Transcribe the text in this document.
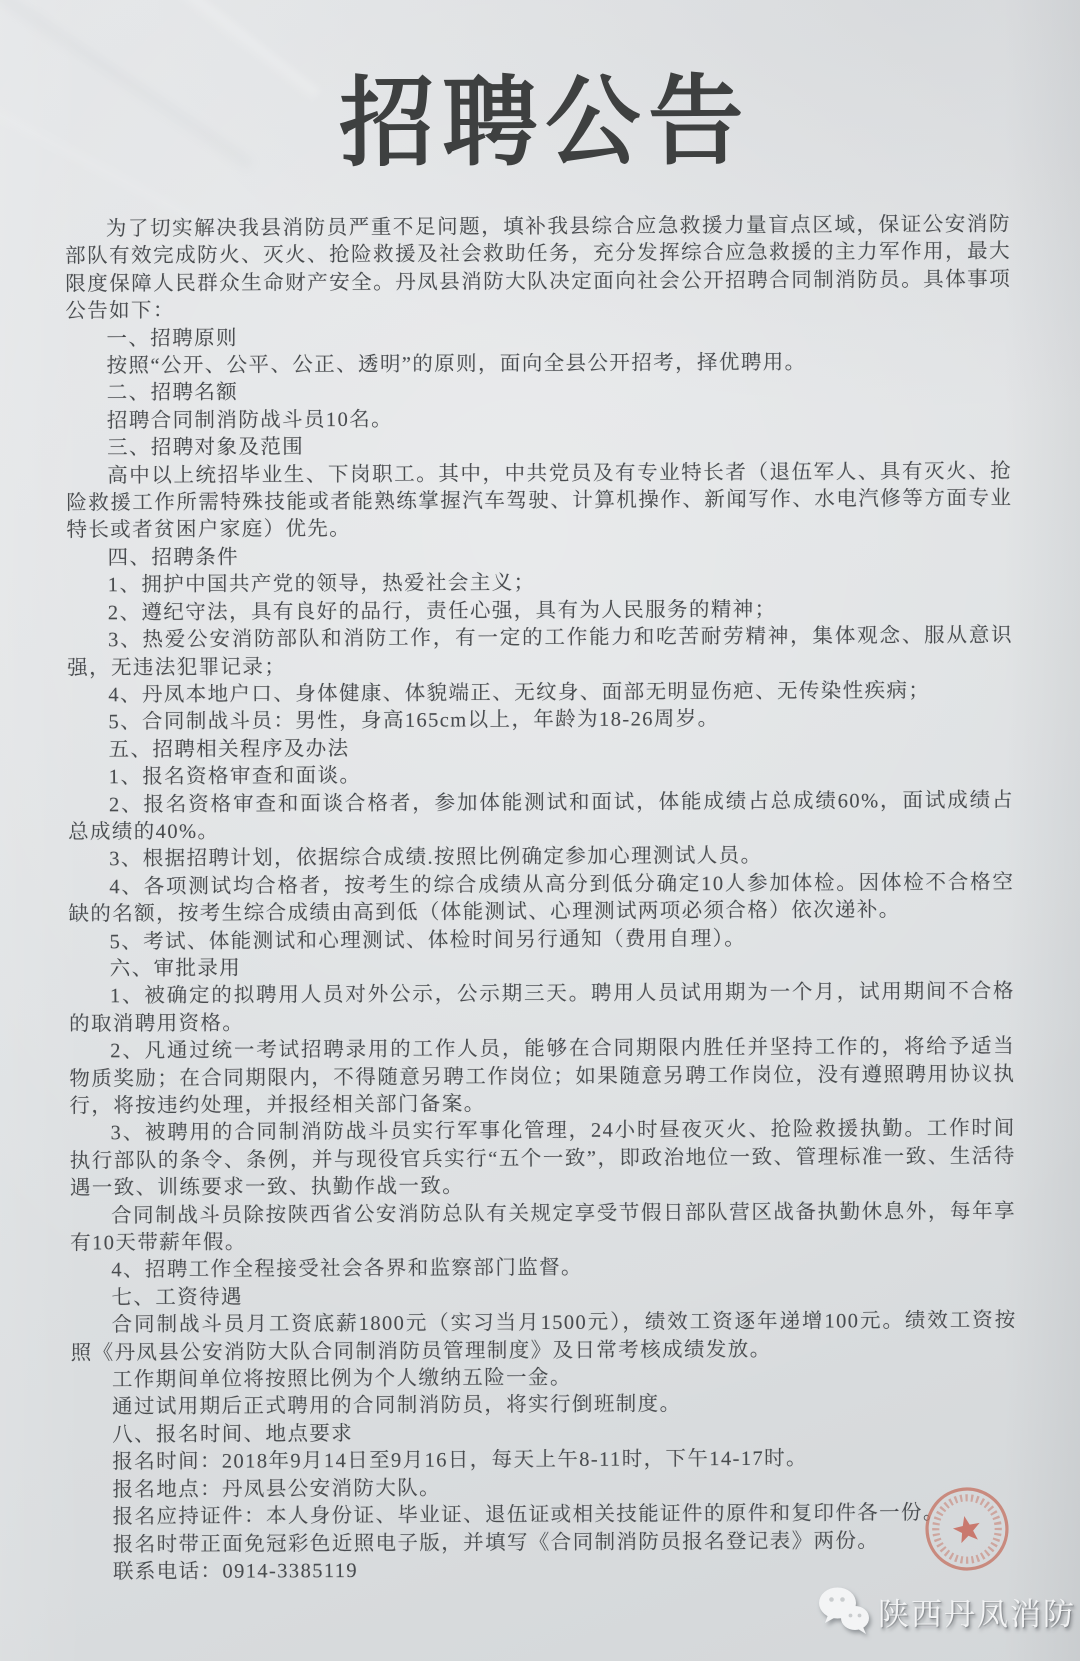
招聘公告

为了切实解决我县消防员严重不足问题，填补我县综合应急救援力量盲点区域，保证公安消防部队有效完成防火、灭火、抢险救援及社会救助任务，充分发挥综合应急救援的主力军作用，最大限度保障人民群众生命财产安全。丹凤县消防大队决定面向社会公开招聘合同制消防员。具体事项公告如下：

一、招聘原则

按照“公开、公平、公正、透明”的原则，面向全县公开招考，择优聘用。

二、招聘名额

招聘合同制消防战斗员10名。

三、招聘对象及范围

高中以上统招毕业生、下岗职工。其中，中共党员及有专业特长者（退伍军人、具有灭火、抢险救援工作所需特殊技能或者能熟练掌握汽车驾驶、计算机操作、新闻写作、水电汽修等方面专业特长或者贫困户家庭）优先。

四、招聘条件

1、拥护中国共产党的领导，热爱社会主义；

2、遵纪守法，具有良好的品行，责任心强，具有为人民服务的精神；

3、热爱公安消防部队和消防工作，有一定的工作能力和吃苦耐劳精神，集体观念、服从意识强，无违法犯罪记录；

4、丹凤本地户口、身体健康、体貌端正、无纹身、面部无明显伤疤、无传染性疾病；

5、合同制战斗员：男性，身高165cm以上，年龄为18-26周岁。

五、招聘相关程序及办法

1、报名资格审查和面谈。

2、报名资格审查和面谈合格者，参加体能测试和面试，体能成绩占总成绩60%，面试成绩占总成绩的40%。

3、根据招聘计划，依据综合成绩.按照比例确定参加心理测试人员。

4、各项测试均合格者，按考生的综合成绩从高分到低分确定10人参加体检。因体检不合格空缺的名额，按考生综合成绩由高到低（体能测试、心理测试两项必须合格）依次递补。

5、考试、体能测试和心理测试、体检时间另行通知（费用自理）。

六、审批录用

1、被确定的拟聘用人员对外公示，公示期三天。聘用人员试用期为一个月，试用期间不合格的取消聘用资格。

2、凡通过统一考试招聘录用的工作人员，能够在合同期限内胜任并坚持工作的，将给予适当物质奖励；在合同期限内，不得随意另聘工作岗位；如果随意另聘工作岗位，没有遵照聘用协议执行，将按违约处理，并报经相关部门备案。

3、被聘用的合同制消防战斗员实行军事化管理，24小时昼夜灭火、抢险救援执勤。工作时间执行部队的条令、条例，并与现役官兵实行“五个一致”，即政治地位一致、管理标准一致、生活待遇一致、训练要求一致、执勤作战一致。

合同制战斗员除按陕西省公安消防总队有关规定享受节假日部队营区战备执勤休息外，每年享有10天带薪年假。

4、招聘工作全程接受社会各界和监察部门监督。

七、工资待遇

合同制战斗员月工资底薪1800元（实习当月1500元），绩效工资逐年递增100元。绩效工资按照《丹凤县公安消防大队合同制消防员管理制度》及日常考核成绩发放。

工作期间单位将按照比例为个人缴纳五险一金。

通过试用期后正式聘用的合同制消防员，将实行倒班制度。

八、报名时间、地点要求

报名时间：2018年9月14日至9月16日，每天上午8-11时，下午14-17时。

报名地点：丹凤县公安消防大队。

报名应持证件：本人身份证、毕业证、退伍证或相关技能证件的原件和复印件各一份。

报名时带正面免冠彩色近照电子版，并填写《合同制消防员报名登记表》两份。

联系电话：0914-3385119

陕西丹凤消防
